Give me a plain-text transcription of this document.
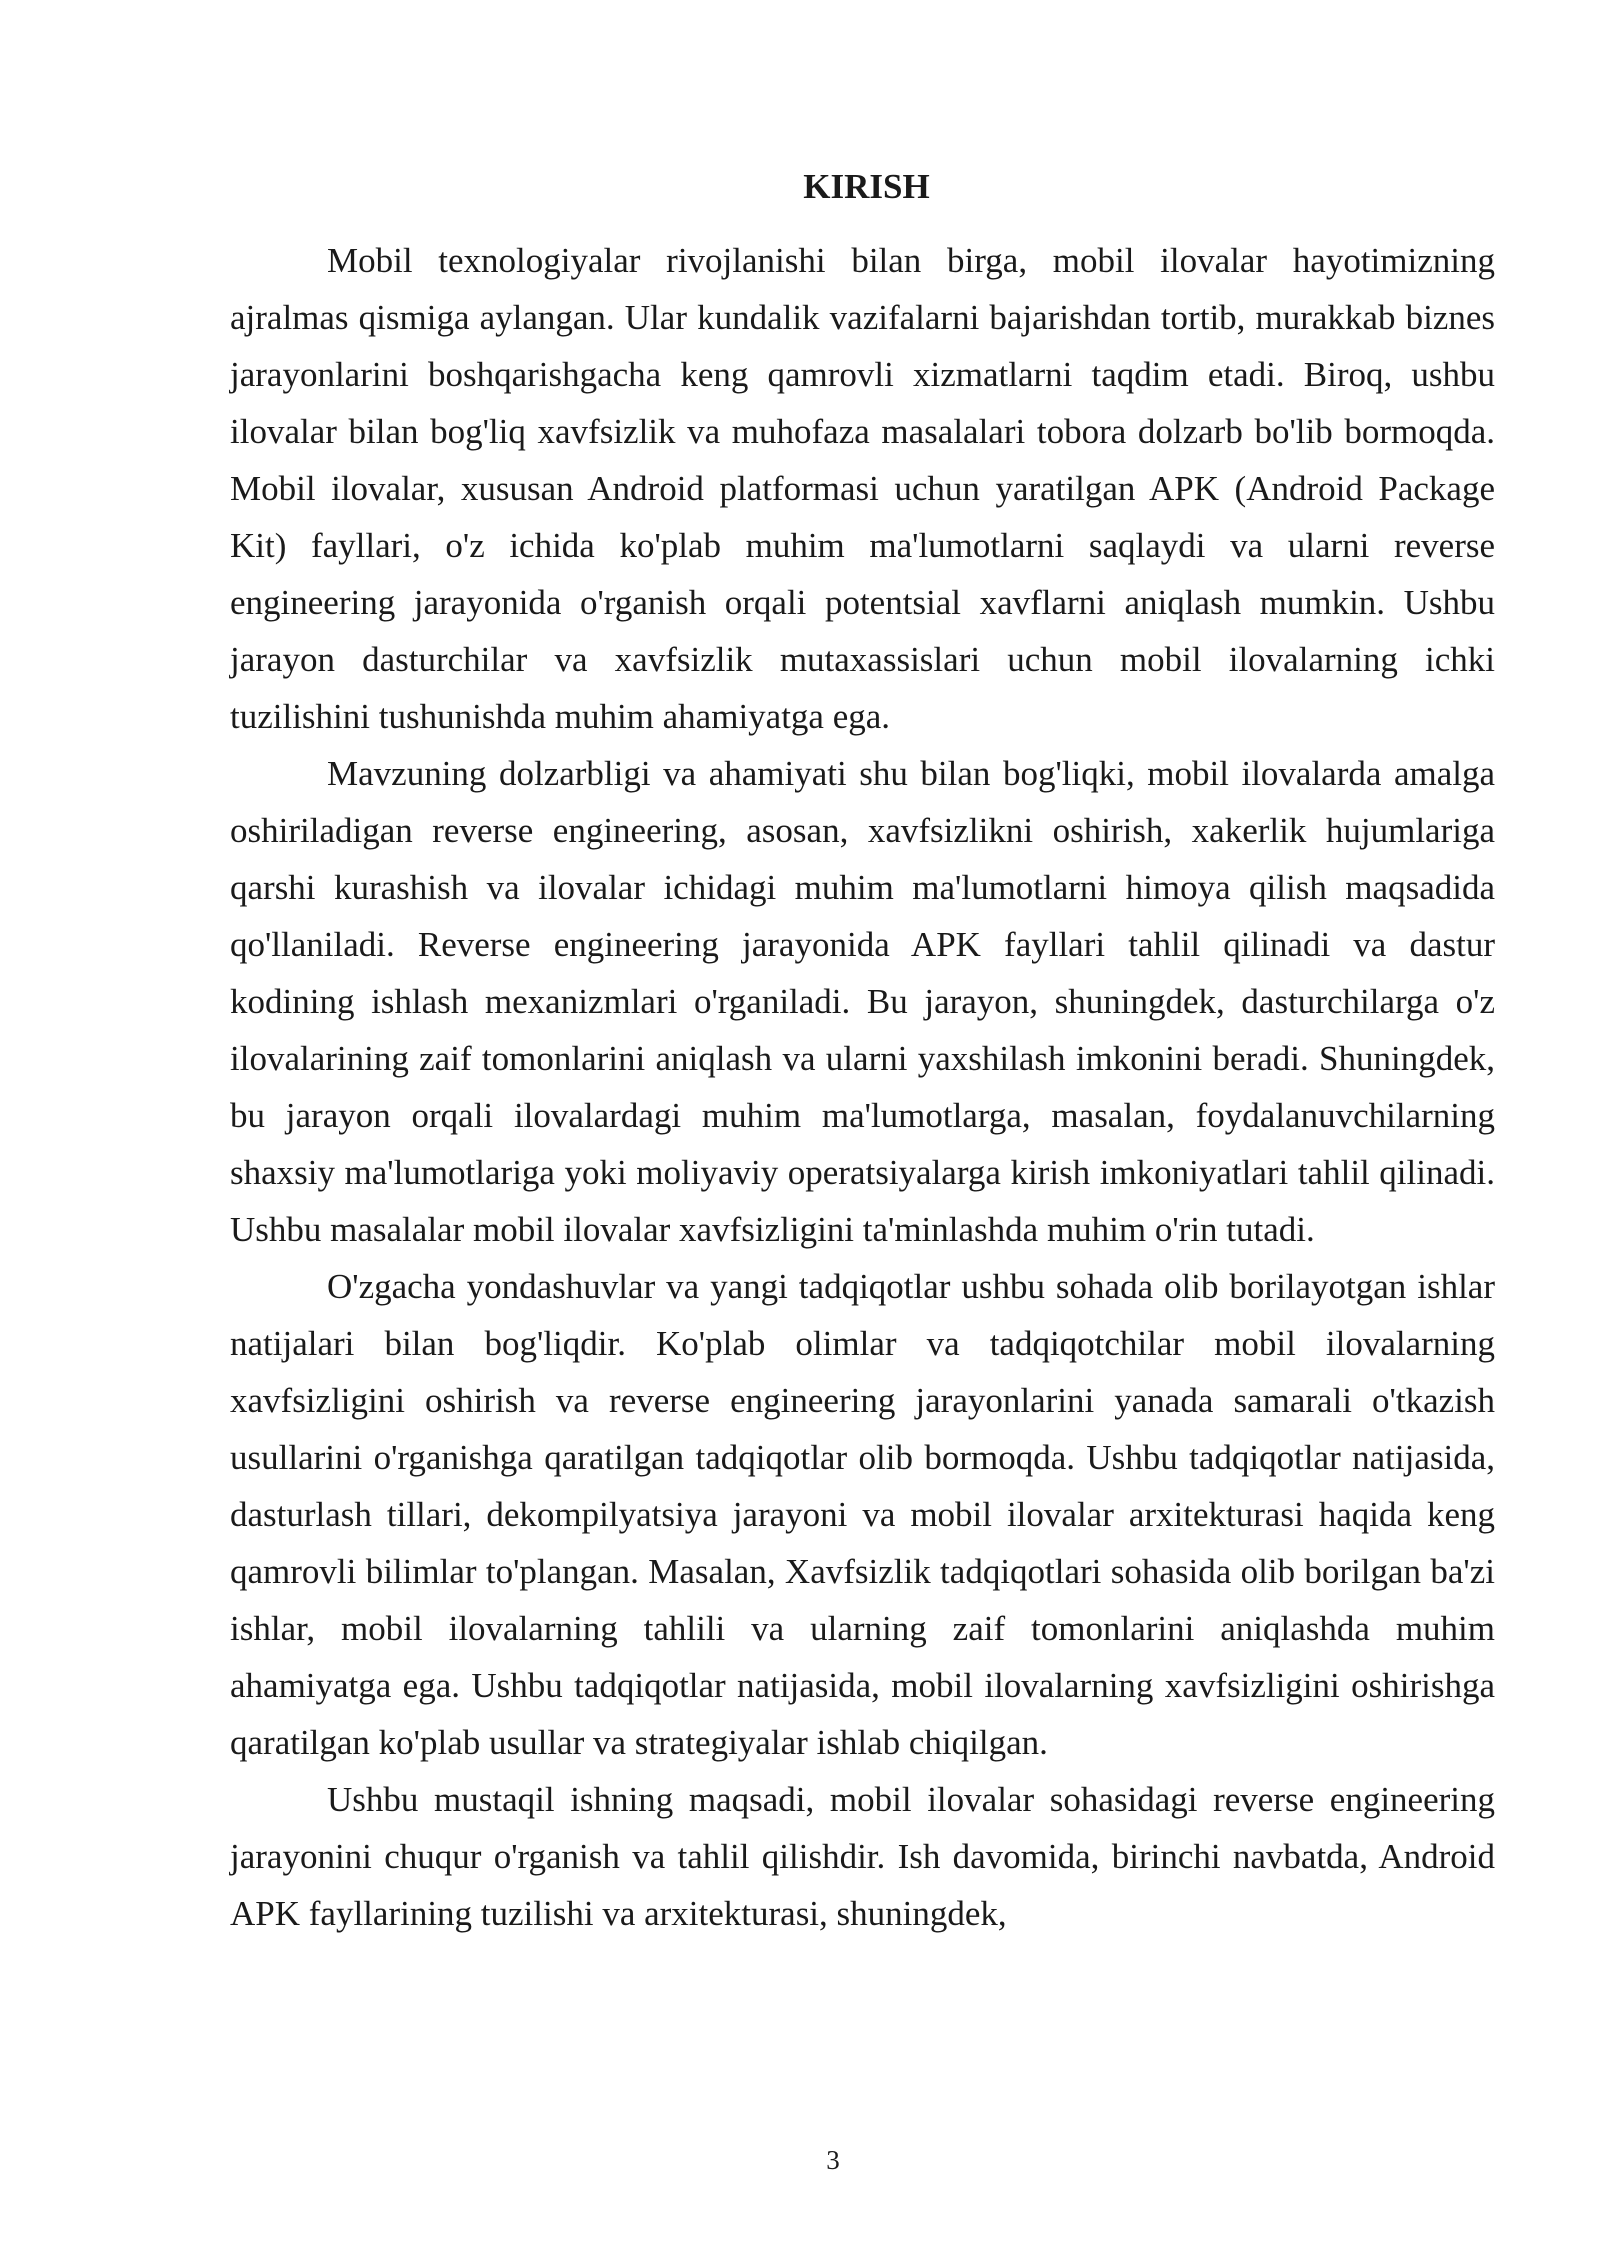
KIRISH

Mobil texnologiyalar rivojlanishi bilan birga, mobil ilovalar hayotimizning ajralmas qismiga aylangan. Ular kundalik vazifalarni bajarishdan tortib, murakkab biznes jarayonlarini boshqarishgacha keng qamrovli xizmatlarni taqdim etadi. Biroq, ushbu ilovalar bilan bog'liq xavfsizlik va muhofaza masalalari tobora dolzarb bo'lib bormoqda. Mobil ilovalar, xususan Android platformasi uchun yaratilgan APK (Android Package Kit) fayllari, o'z ichida ko'plab muhim ma'lumotlarni saqlaydi va ularni reverse engineering jarayonida o'rganish orqali potentsial xavflarni aniqlash mumkin. Ushbu jarayon dasturchilar va xavfsizlik mutaxassislari uchun mobil ilovalarning ichki tuzilishini tushunishda muhim ahamiyatga ega.

Mavzuning dolzarbligi va ahamiyati shu bilan bog'liqki, mobil ilovalarda amalga oshiriladigan reverse engineering, asosan, xavfsizlikni oshirish, xakerlik hujumlariga qarshi kurashish va ilovalar ichidagi muhim ma'lumotlarni himoya qilish maqsadida qo'llaniladi. Reverse engineering jarayonida APK fayllari tahlil qilinadi va dastur kodining ishlash mexanizmlari o'rganiladi. Bu jarayon, shuningdek, dasturchilarga o'z ilovalarining zaif tomonlarini aniqlash va ularni yaxshilash imkonini beradi. Shuningdek, bu jarayon orqali ilovalardagi muhim ma'lumotlarga, masalan, foydalanuvchilarning shaxsiy ma'lumotlariga yoki moliyaviy operatsiyalarga kirish imkoniyatlari tahlil qilinadi. Ushbu masalalar mobil ilovalar xavfsizligini ta'minlashda muhim o'rin tutadi.

O'zgacha yondashuvlar va yangi tadqiqotlar ushbu sohada olib borilayotgan ishlar natijalari bilan bog'liqdir. Ko'plab olimlar va tadqiqotchilar mobil ilovalarning xavfsizligini oshirish va reverse engineering jarayonlarini yanada samarali o'tkazish usullarini o'rganishga qaratilgan tadqiqotlar olib bormoqda. Ushbu tadqiqotlar natijasida, dasturlash tillari, dekompilyatsiya jarayoni va mobil ilovalar arxitekturasi haqida keng qamrovli bilimlar to'plangan. Masalan, Xavfsizlik tadqiqotlari sohasida olib borilgan ba'zi ishlar, mobil ilovalarning tahlili va ularning zaif tomonlarini aniqlashda muhim ahamiyatga ega. Ushbu tadqiqotlar natijasida, mobil ilovalarning xavfsizligini oshirishga qaratilgan ko'plab usullar va strategiyalar ishlab chiqilgan.

Ushbu mustaqil ishning maqsadi, mobil ilovalar sohasidagi reverse engineering jarayonini chuqur o'rganish va tahlil qilishdir. Ish davomida, birinchi navbatda, Android APK fayllarining tuzilishi va arxitekturasi, shuningdek,

3
